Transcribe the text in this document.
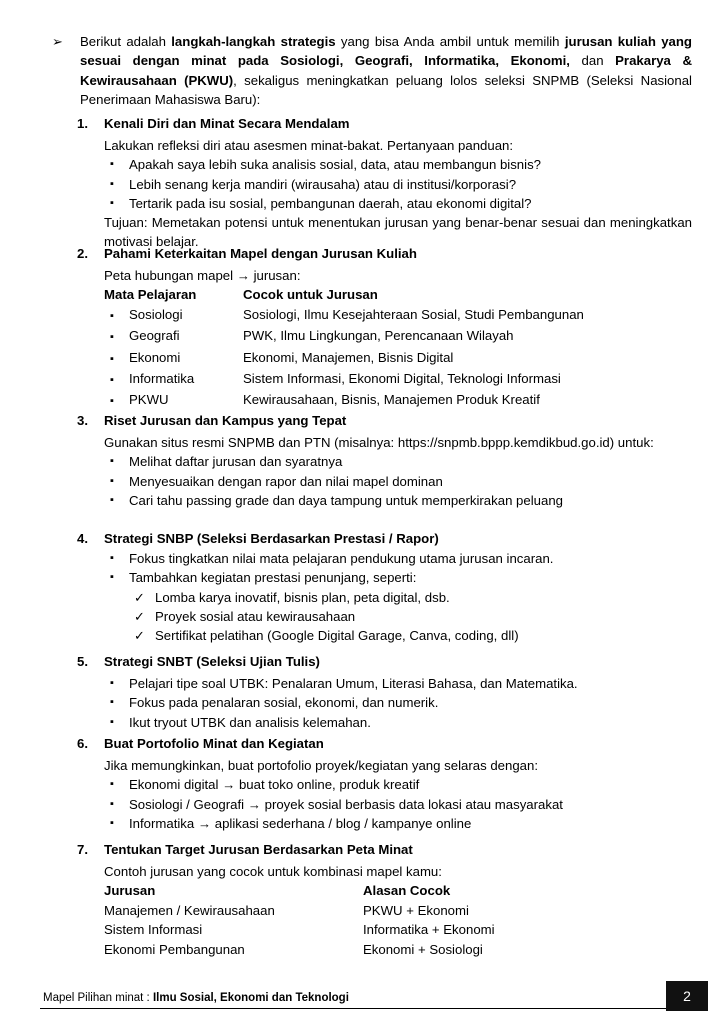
➢ Berikut adalah langkah-langkah strategis yang bisa Anda ambil untuk memilih jurusan kuliah yang sesuai dengan minat pada Sosiologi, Geografi, Informatika, Ekonomi, dan Prakarya & Kewirausahaan (PKWU), sekaligus meningkatkan peluang lolos seleksi SNPMB (Seleksi Nasional Penerimaan Mahasiswa Baru):

1. Kenali Diri dan Minat Secara Mendalam

Lakukan refleksi diri atau asesmen minat-bakat. Pertanyaan panduan:

▪ Apakah saya lebih suka analisis sosial, data, atau membangun bisnis?
▪ Lebih senang kerja mandiri (wirausaha) atau di institusi/korporasi?
▪ Tertarik pada isu sosial, pembangunan daerah, atau ekonomi digital?

Tujuan: Memetakan potensi untuk menentukan jurusan yang benar-benar sesuai dan meningkatkan motivasi belajar.

2. Pahami Keterkaitan Mapel dengan Jurusan Kuliah

Peta hubungan mapel → jurusan:

Mata Pelajaran	Cocok untuk Jurusan
▪ Sosiologi	Sosiologi, Ilmu Kesejahteraan Sosial, Studi Pembangunan
▪ Geografi	PWK, Ilmu Lingkungan, Perencanaan Wilayah
▪ Ekonomi	Ekonomi, Manajemen, Bisnis Digital
▪ Informatika	Sistem Informasi, Ekonomi Digital, Teknologi Informasi
▪ PKWU	Kewirausahaan, Bisnis, Manajemen Produk Kreatif
3. Riset Jurusan dan Kampus yang Tepat

Gunakan situs resmi SNPMB dan PTN (misalnya: https://snpmb.bppp.kemdikbud.go.id) untuk:

▪ Melihat daftar jurusan dan syaratnya
▪ Menyesuaikan dengan rapor dan nilai mapel dominan
▪ Cari tahu passing grade dan daya tampung untuk memperkirakan peluang
4. Strategi SNBP (Seleksi Berdasarkan Prestasi / Rapor)
▪ Fokus tingkatkan nilai mata pelajaran pendukung utama jurusan incaran.
▪ Tambahkan kegiatan prestasi penunjang, seperti:
✓ Lomba karya inovatif, bisnis plan, peta digital, dsb.
✓ Proyek sosial atau kewirausahaan
✓ Sertifikat pelatihan (Google Digital Garage, Canva, coding, dll)
5. Strategi SNBT (Seleksi Ujian Tulis)
▪ Pelajari tipe soal UTBK: Penalaran Umum, Literasi Bahasa, dan Matematika.
▪ Fokus pada penalaran sosial, ekonomi, dan numerik.
▪ Ikut tryout UTBK dan analisis kelemahan.
6. Buat Portofolio Minat dan Kegiatan

Jika memungkinkan, buat portofolio proyek/kegiatan yang selaras dengan:

▪ Ekonomi digital → buat toko online, produk kreatif
▪ Sosiologi / Geografi → proyek sosial berbasis data lokasi atau masyarakat
▪ Informatika → aplikasi sederhana / blog / kampanye online
7. Tentukan Target Jurusan Berdasarkan Peta Minat

Contoh jurusan yang cocok untuk kombinasi mapel kamu:

Jurusan	Alasan Cocok
Manajemen / Kewirausahaan	PKWU + Ekonomi
Sistem Informasi	Informatika + Ekonomi
Ekonomi Pembangunan	Ekonomi + Sosiologi
Mapel Pilihan minat : Ilmu Sosial, Ekonomi dan Teknologi	2
